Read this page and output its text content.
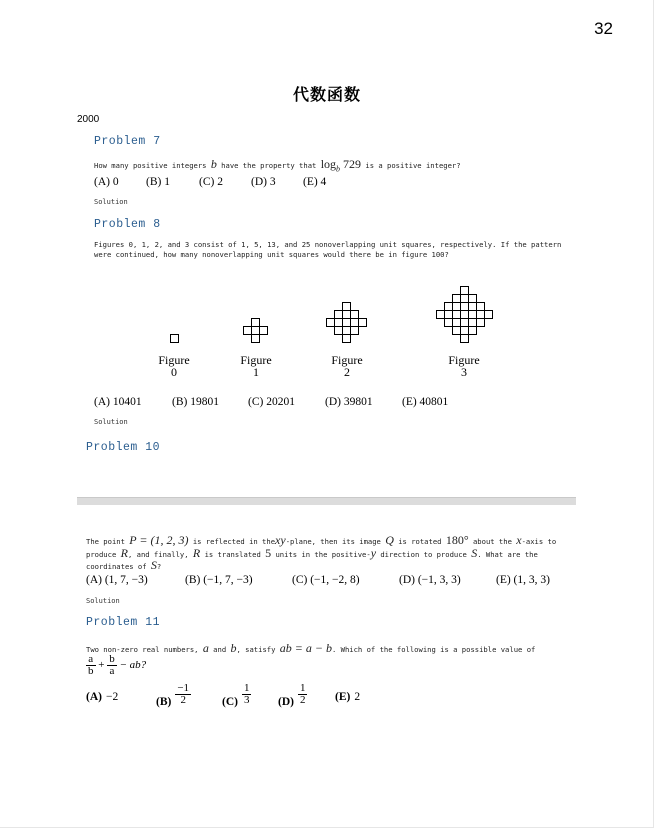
32
代数函数
2000
Problem 7
How many positive integers b have the property that $\log_b 729$ is a positive integer?
(A) 0 (B) 1	(C) 2 (D) 3 (E) 4
Solution
Problem 8
Figures 0, 1, 2, and 3 consist of 1, 5, 13, and 25 nonoverlapping unit squares, respectively. If the pattern
were continued, how many nonoverlapping unit squares would there be in figure 100?
Figure
0
Figure
1
Figure
2
Figure
3
(A) 10401	(B) 19801	(C) 20201	(D) 39801	(E) 40801
Solution
Problem 10
The point P = (1, 2, 3) is reflected in thexy-plane, then its image Q is rotated 180° about the x-axis to
produce R, and finally, R is translated 5 units in the positive-y direction to produce S. What are the
coordinates of S?
(A) (1, 7, −3)	(B) (−1, 7, −3)	(C) (−1, −2, 8)	(D) (−1, 3, 3)	(E) (1, 3, 3)
Solution
Problem 11
Two non-zero real numbers, a and b, satisfy ab = a − b. Which of the following is a possible value of
$\frac{a}{b} + \frac{b}{a}$ − ab?
(A) −2	$(B) \frac{-1}{2}$	$(C) \frac{1}{3} (D) \frac{1}{2} (E)$ 2
